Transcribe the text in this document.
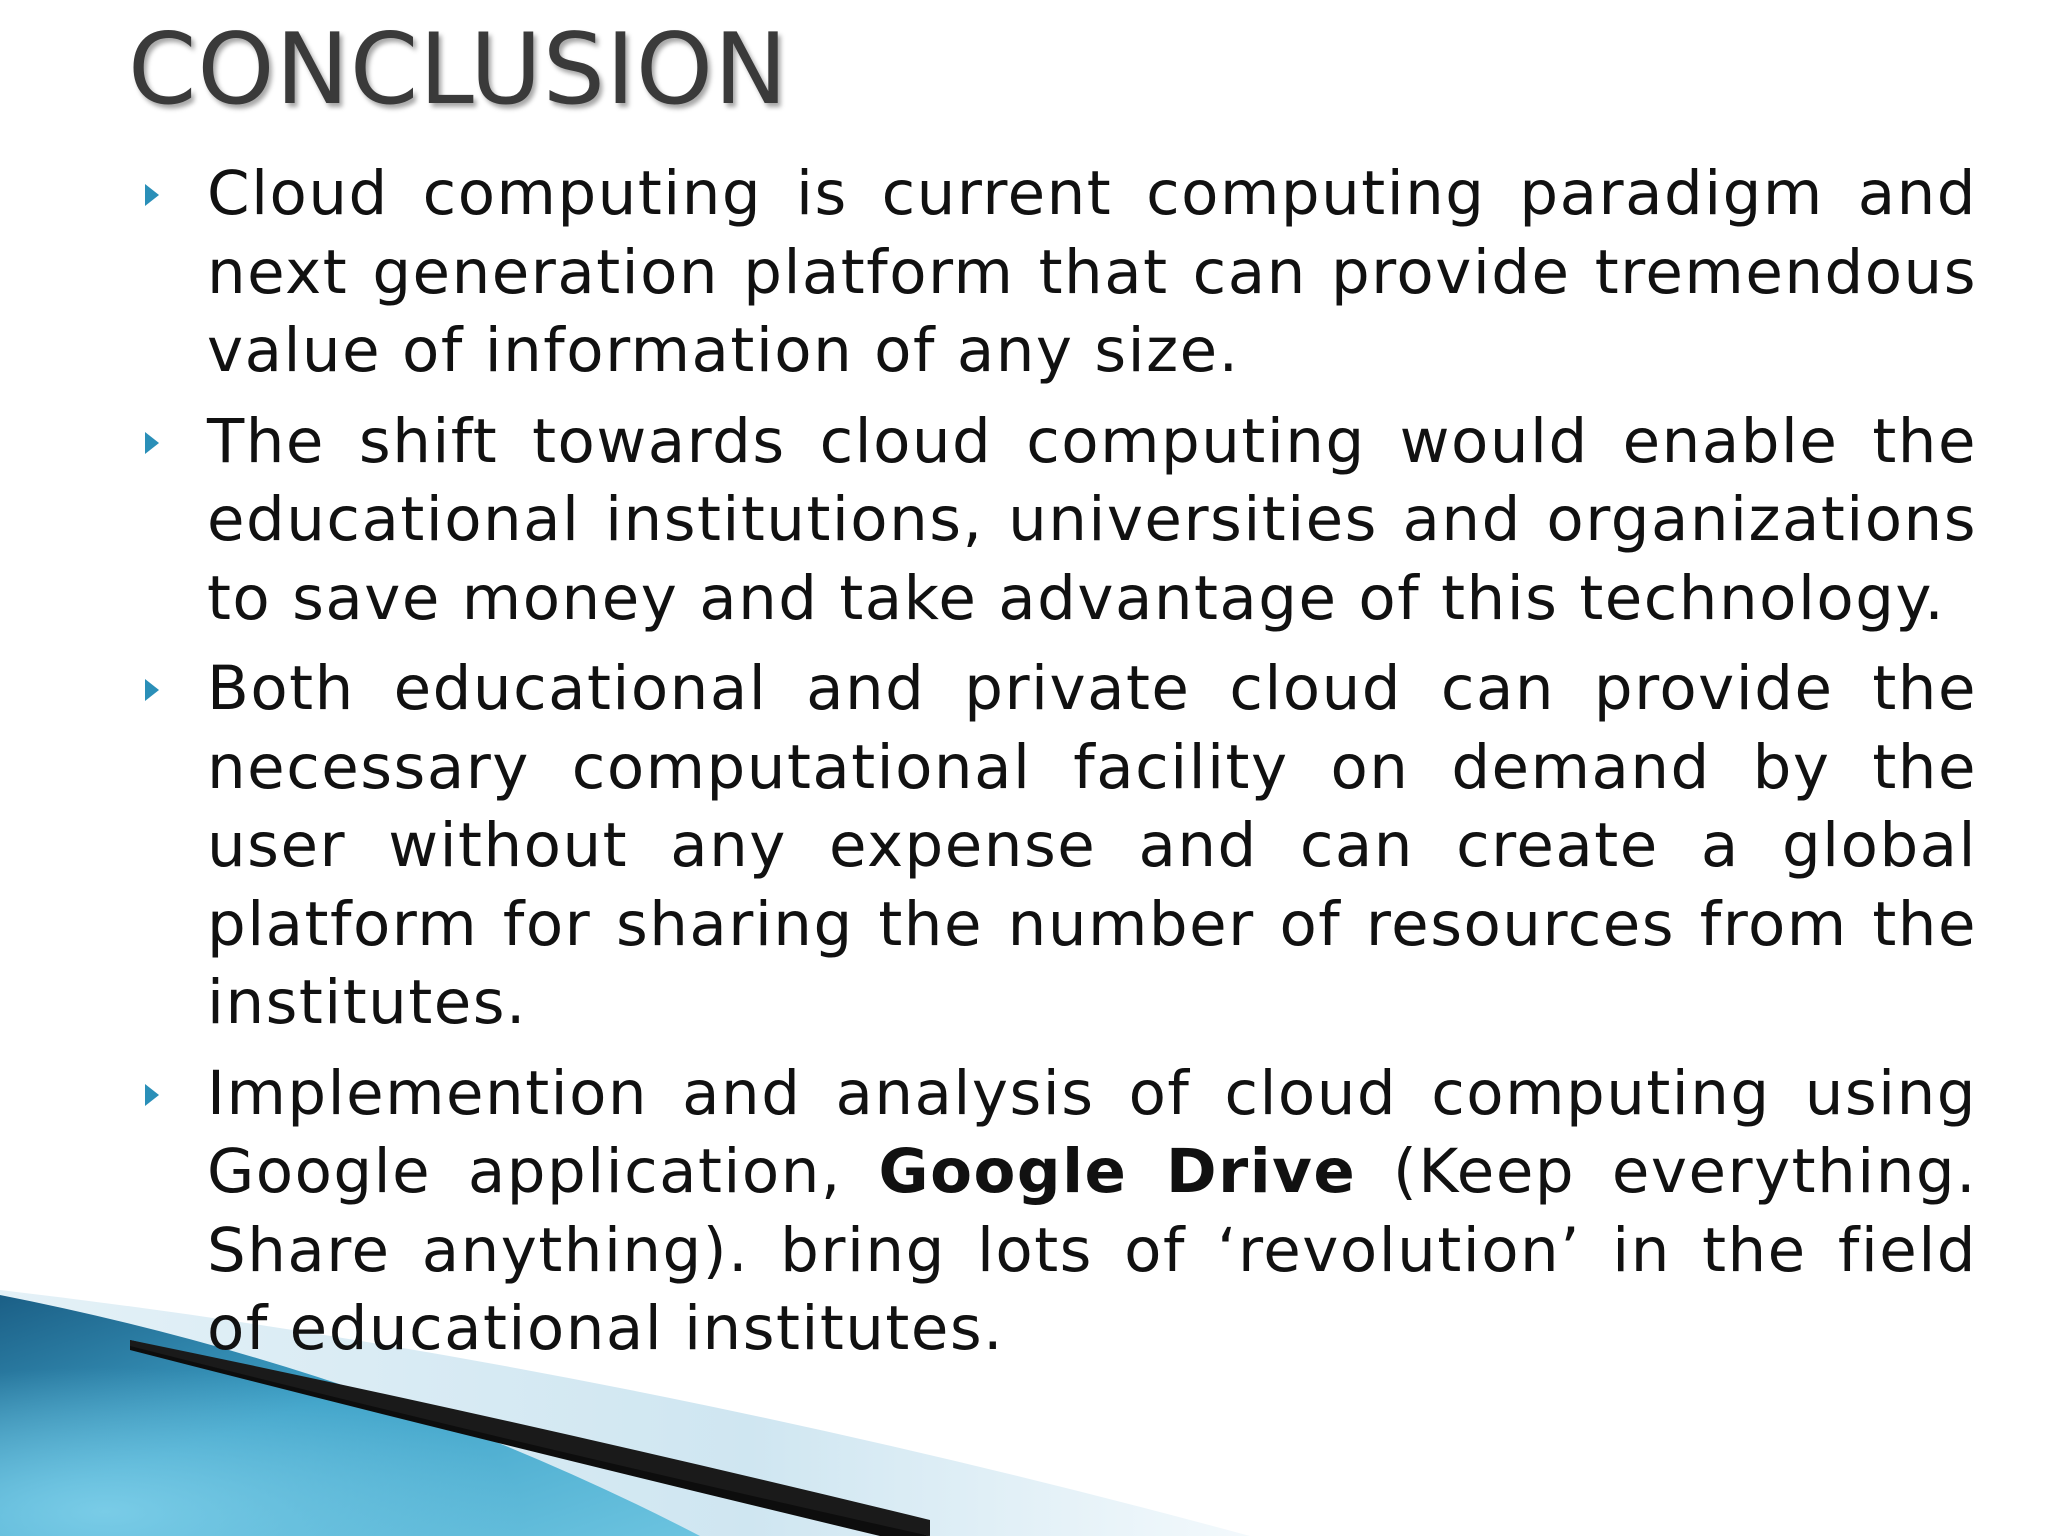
CONCLUSION
Cloud computing is current computing paradigm and next generation platform that can provide tremendous value of information of any size.
The shift towards cloud computing would enable the educational institutions, universities and organizations to save money and take advantage of this technology.
Both educational and private cloud can provide the necessary computational facility on demand by the user without any expense and can create a global platform for sharing the number of resources from the institutes.
Implemention and analysis of cloud computing using Google application, Google Drive (Keep everything. Share anything). bring lots of ‘revolution’ in the field of educational institutes.
